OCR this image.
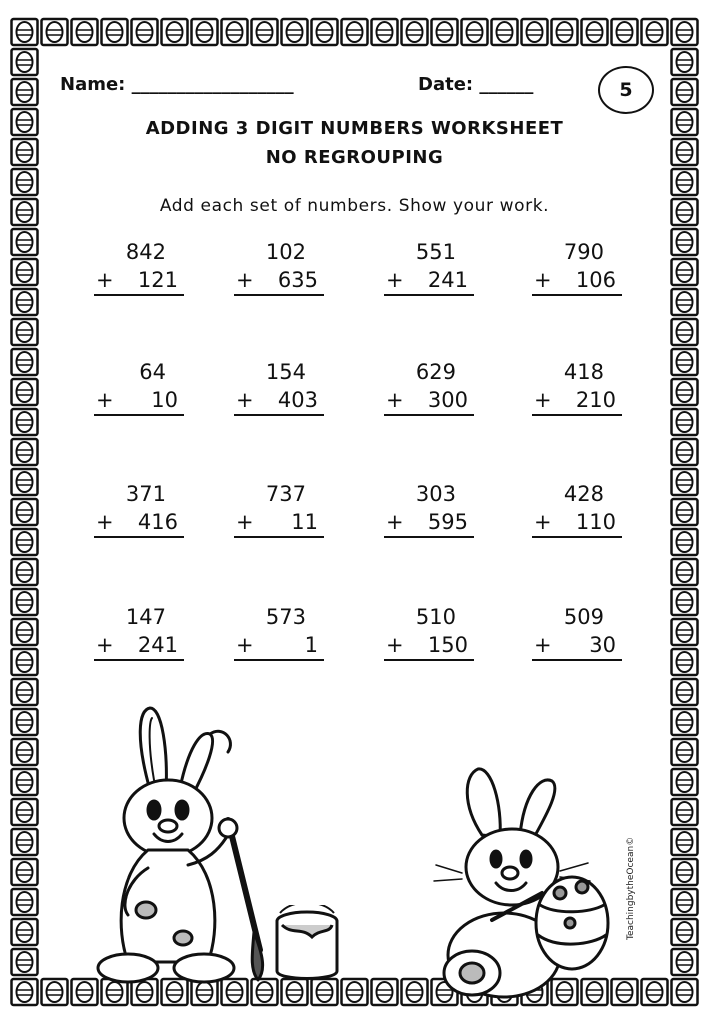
Name: __________________	Date: ______	5
ADDING 3 DIGIT NUMBERS WORKSHEET
NO REGROUPING
Add each set of numbers. Show your work.
842
+ 121
102
+ 635
551
+ 241
790
+ 106
64
+ 10
154
+ 403
629
+ 300
418
+ 210
371
+ 416
737
+ 11
303
+ 595
428
+ 110
147
+ 241
573
+ 1
510
+ 150
509
+ 30
TeachingbytheOcean©
